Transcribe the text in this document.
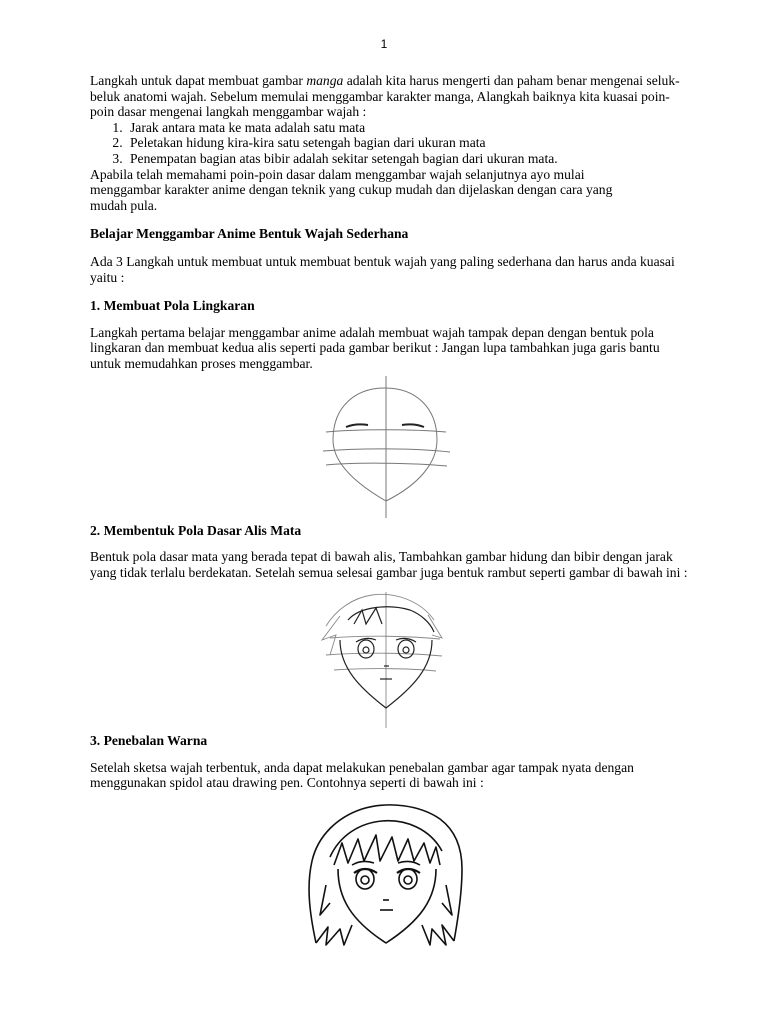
1

Langkah untuk dapat membuat gambar manga adalah kita harus mengerti dan paham benar mengenai seluk-beluk anatomi wajah. Sebelum memulai menggambar karakter manga, Alangkah baiknya kita kuasai poin-poin dasar mengenai langkah menggambar wajah :

1. Jarak antara mata ke mata adalah satu mata
2. Peletakan hidung kira-kira satu setengah bagian dari ukuran mata
3. Penempatan bagian atas bibir adalah sekitar setengah bagian dari ukuran mata.

Apabila telah memahami poin-poin dasar dalam menggambar wajah selanjutnya ayo mulai menggambar karakter anime dengan teknik yang cukup mudah dan dijelaskan dengan cara yang mudah pula.

Belajar Menggambar Anime Bentuk Wajah Sederhana

Ada 3 Langkah untuk membuat untuk membuat bentuk wajah yang paling sederhana dan harus anda kuasai yaitu :

1. Membuat Pola Lingkaran

Langkah pertama belajar menggambar anime adalah membuat wajah tampak depan dengan bentuk pola lingkaran dan membuat kedua alis seperti pada gambar berikut : Jangan lupa tambahkan juga garis bantu untuk memudahkan proses menggambar.

2. Membentuk Pola Dasar Alis Mata

Bentuk pola dasar mata yang berada tepat di bawah alis, Tambahkan gambar hidung dan bibir dengan jarak yang tidak terlalu berdekatan. Setelah semua selesai gambar juga bentuk rambut seperti gambar di bawah ini :

3. Penebalan Warna

Setelah sketsa wajah terbentuk, anda dapat melakukan penebalan gambar agar tampak nyata dengan menggunakan spidol atau drawing pen. Contohnya seperti di bawah ini :
